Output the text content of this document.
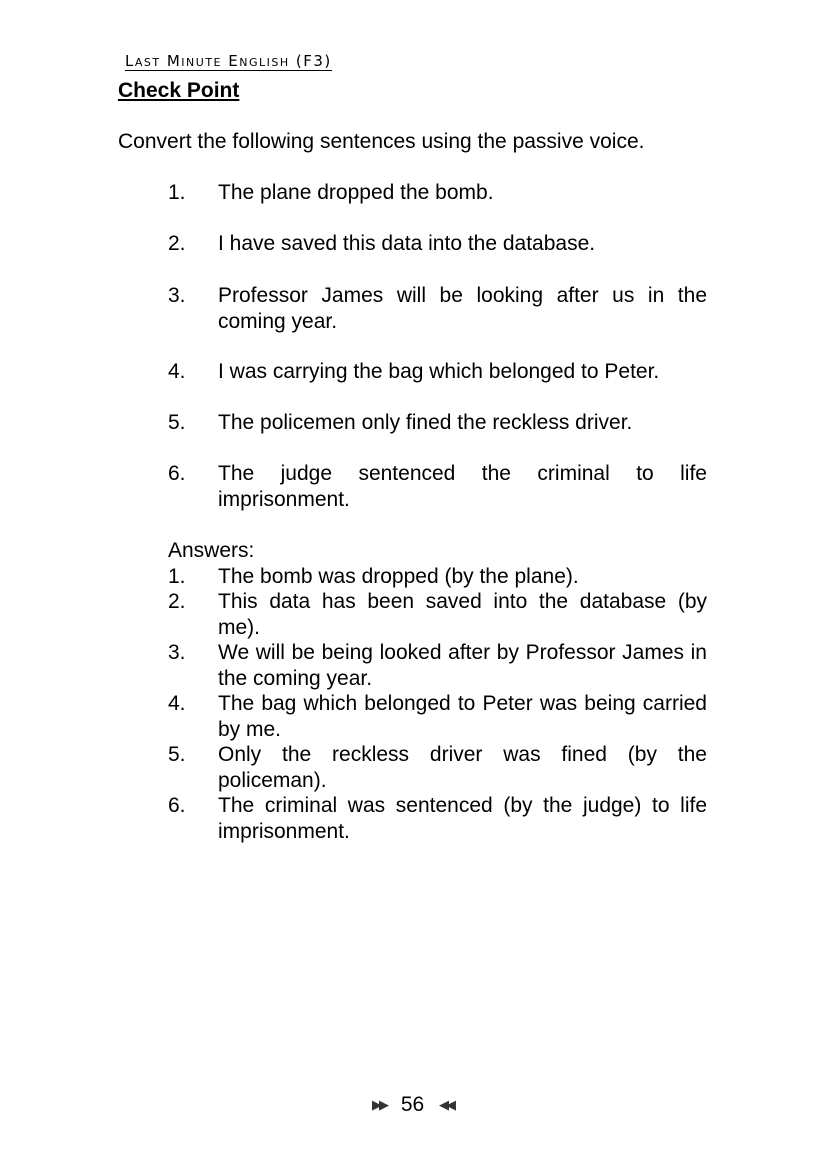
Last Minute English (F3)
Check Point
Convert the following sentences using the passive voice.
1.	The plane dropped the bomb.
2.	I have saved this data into the database.
3.	Professor James will be looking after us in the coming year.
4.	I was carrying the bag which belonged to Peter.
5.	The policemen only fined the reckless driver.
6.	The judge sentenced the criminal to life imprisonment.
Answers:
1.	The bomb was dropped (by the plane).
2.	This data has been saved into the database (by me).
3.	We will be being looked after by Professor James in the coming year.
4.	The bag which belonged to Peter was being carried by me.
5.	Only the reckless driver was fined (by the policeman).
6.	The criminal was sentenced (by the judge) to life imprisonment.
▶▶ 56 ◀◀
